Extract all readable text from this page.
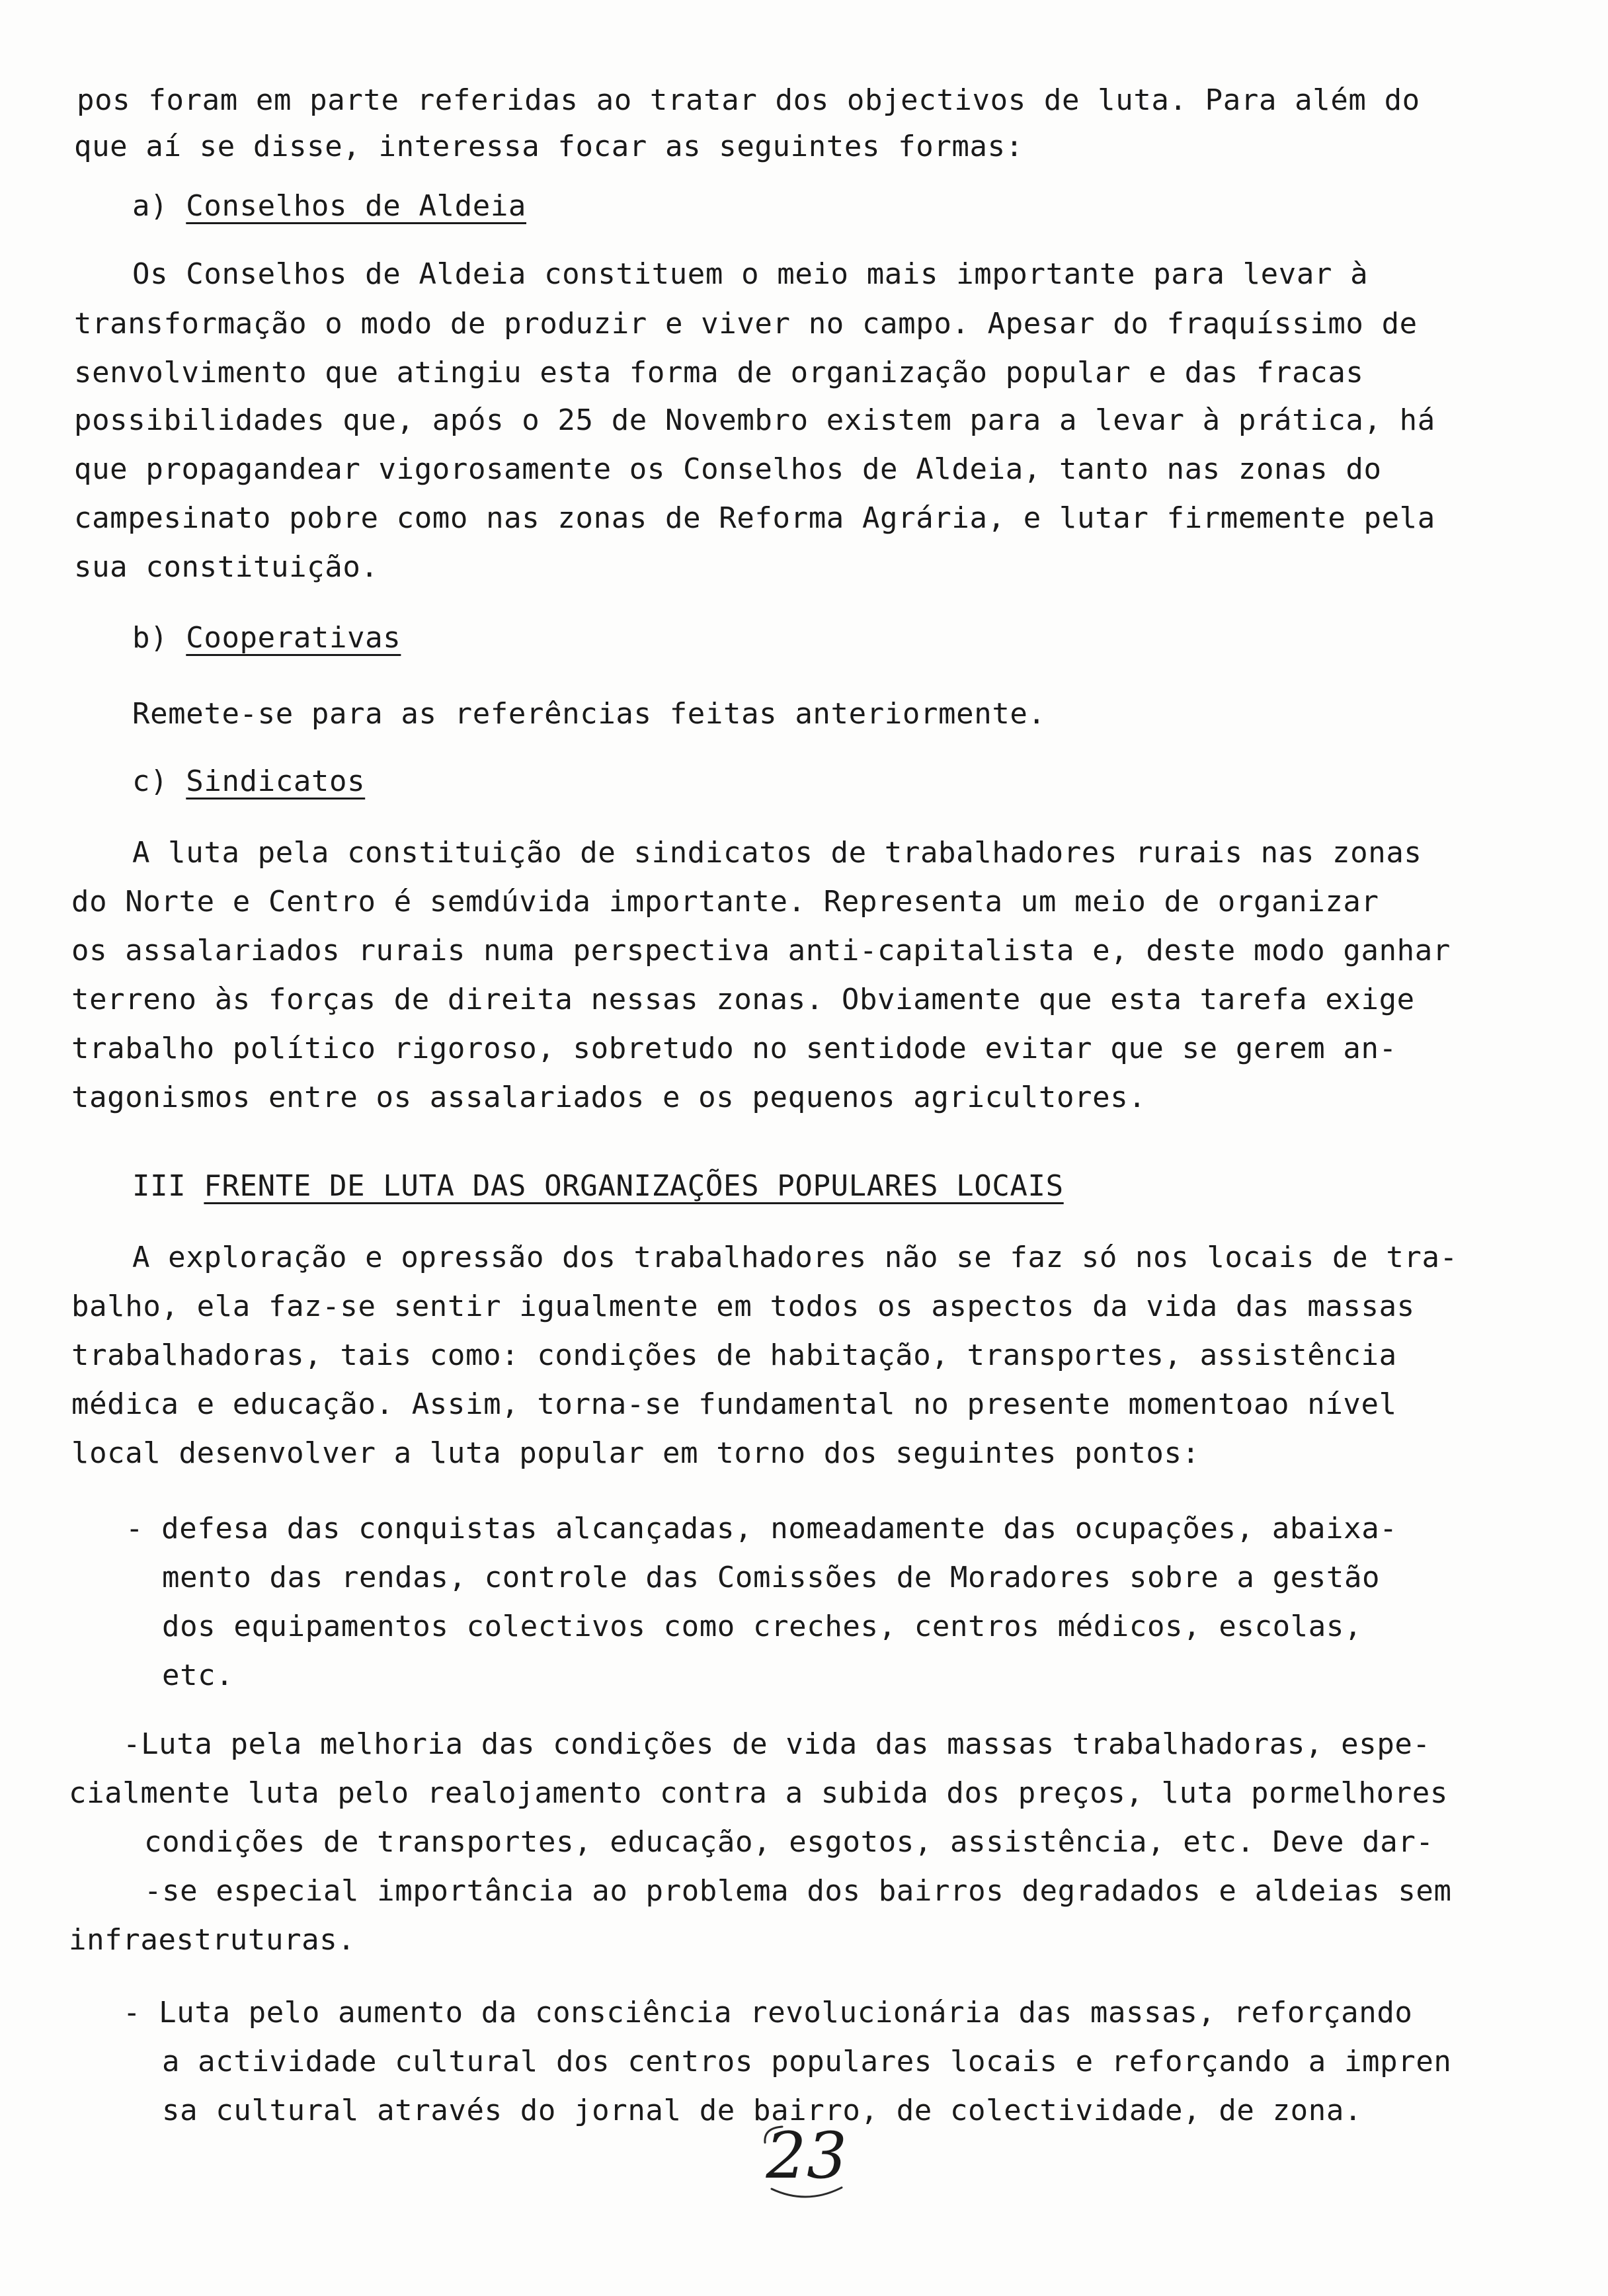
pos foram em parte referidas ao tratar dos objectivos de luta. Para além do
que aí se disse, interessa focar as seguintes formas:
a) Conselhos de Aldeia
Os Conselhos de Aldeia constituem o meio mais importante para levar à
transformação o modo de produzir e viver no campo. Apesar do fraquíssimo de
senvolvimento que atingiu esta forma de organização popular e das fracas
possibilidades que, após o 25 de Novembro existem para a levar à prática, há
que propagandear vigorosamente os Conselhos de Aldeia, tanto nas zonas do
campesinato pobre como nas zonas de Reforma Agrária, e lutar firmemente pela
sua constituição.
b) Cooperativas
Remete-se para as referências feitas anteriormente.
c) Sindicatos
A luta pela constituição de sindicatos de trabalhadores rurais nas zonas
do Norte e Centro é semdúvida importante. Representa um meio de organizar
os assalariados rurais numa perspectiva anti-capitalista e, deste modo ganhar
terreno às forças de direita nessas zonas. Obviamente que esta tarefa exige
trabalho político rigoroso, sobretudo no sentidode evitar que se gerem an-
tagonismos entre os assalariados e os pequenos agricultores.
III FRENTE DE LUTA DAS ORGANIZAÇÕES POPULARES LOCAIS
A exploração e opressão dos trabalhadores não se faz só nos locais de tra-
balho, ela faz-se sentir igualmente em todos os aspectos da vida das massas
trabalhadoras, tais como: condições de habitação, transportes, assistência
médica e educação. Assim, torna-se fundamental no presente momentoao nível
local desenvolver a luta popular em torno dos seguintes pontos:
- defesa das conquistas alcançadas, nomeadamente das ocupações, abaixa-
mento das rendas, controle das Comissões de Moradores sobre a gestão
dos equipamentos colectivos como creches, centros médicos, escolas,
etc.
-Luta pela melhoria das condições de vida das massas trabalhadoras, espe-
cialmente luta pelo realojamento contra a subida dos preços, luta pormelhores
condições de transportes, educação, esgotos, assistência, etc. Deve dar-
-se especial importância ao problema dos bairros degradados e aldeias sem
infraestruturas.
- Luta pelo aumento da consciência revolucionária das massas, reforçando
a actividade cultural dos centros populares locais e reforçando a impren
sa cultural através do jornal de bairro, de colectividade, de zona.
23
